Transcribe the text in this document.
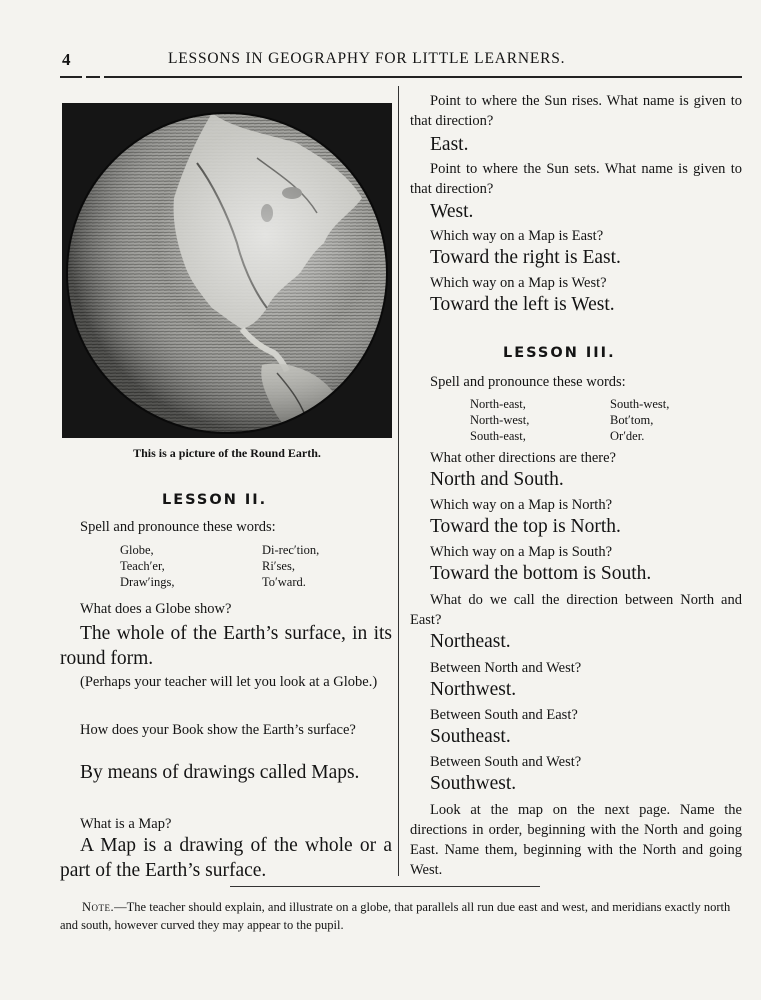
4	LESSONS IN GEOGRAPHY FOR LITTLE LEARNERS.
This is a picture of the Round Earth.
LESSON II.
Spell and pronounce these words:
Globe,
Teach′er,
Draw′ings,
Di-rec′tion,
Ri′ses,
To′ward.
What does a Globe show?
The whole of the Earth’s surface, in its round form.
(Perhaps your teacher will let you look at a Globe.)
How does your Book show the Earth’s surface?
By means of drawings called Maps.
What is a Map?
A Map is a drawing of the whole or a part of the Earth’s surface.
Point to where the Sun rises. What name is given to that direction?
East.
Point to where the Sun sets. What name is given to that direction?
West.
Which way on a Map is East?
Toward the right is East.
Which way on a Map is West?
Toward the left is West.
LESSON III.
Spell and pronounce these words:
North-east,
North-west,
South-east,
South-west,
Bot′tom,
Or′der.
What other directions are there?
North and South.
Which way on a Map is North?
Toward the top is North.
Which way on a Map is South?
Toward the bottom is South.
What do we call the direction between North and East?
Northeast.
Between North and West?
Northwest.
Between South and East?
Southeast.
Between South and West?
Southwest.
Look at the map on the next page. Name the directions in order, beginning with the North and going East. Name them, beginning with the North and going West.
Note.—The teacher should explain, and illustrate on a globe, that parallels all run due east and west, and meridians exactly north and south, however curved they may appear to the pupil.
